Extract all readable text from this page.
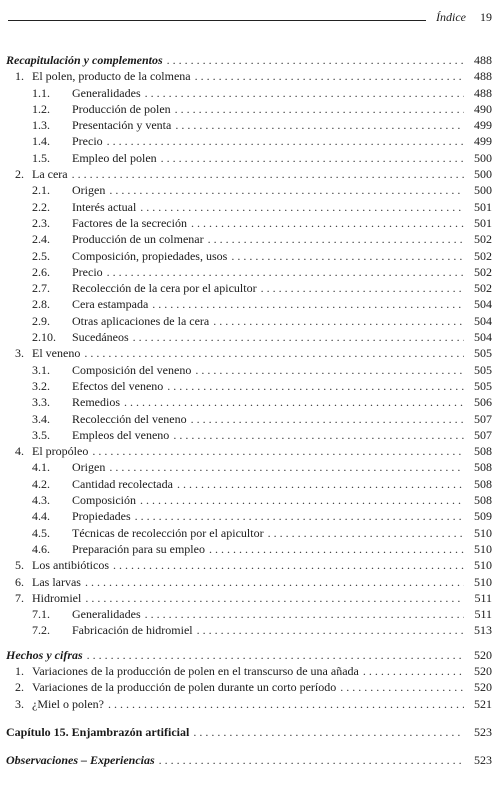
Índice 19
Recapitulación y complementos . . .	488
1. El polen, producto de la colmena . . .	488
1.1.	Generalidades . . .	488
1.2.	Producción de polen . . .	490
1.3.	Presentación y venta . . .	499
1.4.	Precio . . .	499
1.5.	Empleo del polen . . .	500
2. La cera . . .	500
2.1.	Origen . . .	500
2.2.	Interés actual . . .	501
2.3.	Factores de la secreción . . .	501
2.4.	Producción de un colmenar . . .	502
2.5.	Composición, propiedades, usos . . .	502
2.6.	Precio . . .	502
2.7.	Recolección de la cera por el apicultor . . .	502
2.8.	Cera estampada . . .	504
2.9.	Otras aplicaciones de la cera . . .	504
2.10.	Sucedáneos . . .	504
3. El veneno . . .	505
3.1.	Composición del veneno . . .	505
3.2.	Efectos del veneno . . .	505
3.3.	Remedios . . .	506
3.4.	Recolección del veneno . . .	507
3.5.	Empleos del veneno . . .	507
4. El propóleo . . .	508
4.1.	Origen . . .	508
4.2.	Cantidad recolectada . . .	508
4.3.	Composición . . .	508
4.4.	Propiedades . . .	509
4.5.	Técnicas de recolección por el apicultor . . .	510
4.6.	Preparación para su empleo . . .	510
5. Los antibióticos . . .	510
6. Las larvas . . .	510
7. Hidromiel . . .	511
7.1.	Generalidades . . .	511
7.2.	Fabricación de hidromiel . . .	513
Hechos y cifras . . .	520
1. Variaciones de la producción de polen en el transcurso de una añada . . .	520
2. Variaciones de la producción de polen durante un corto período . . .	520
3. ¿Miel o polen? . . .	521
Capítulo 15. Enjambrazón artificial . . .	523
Observaciones – Experiencias . . .	523
